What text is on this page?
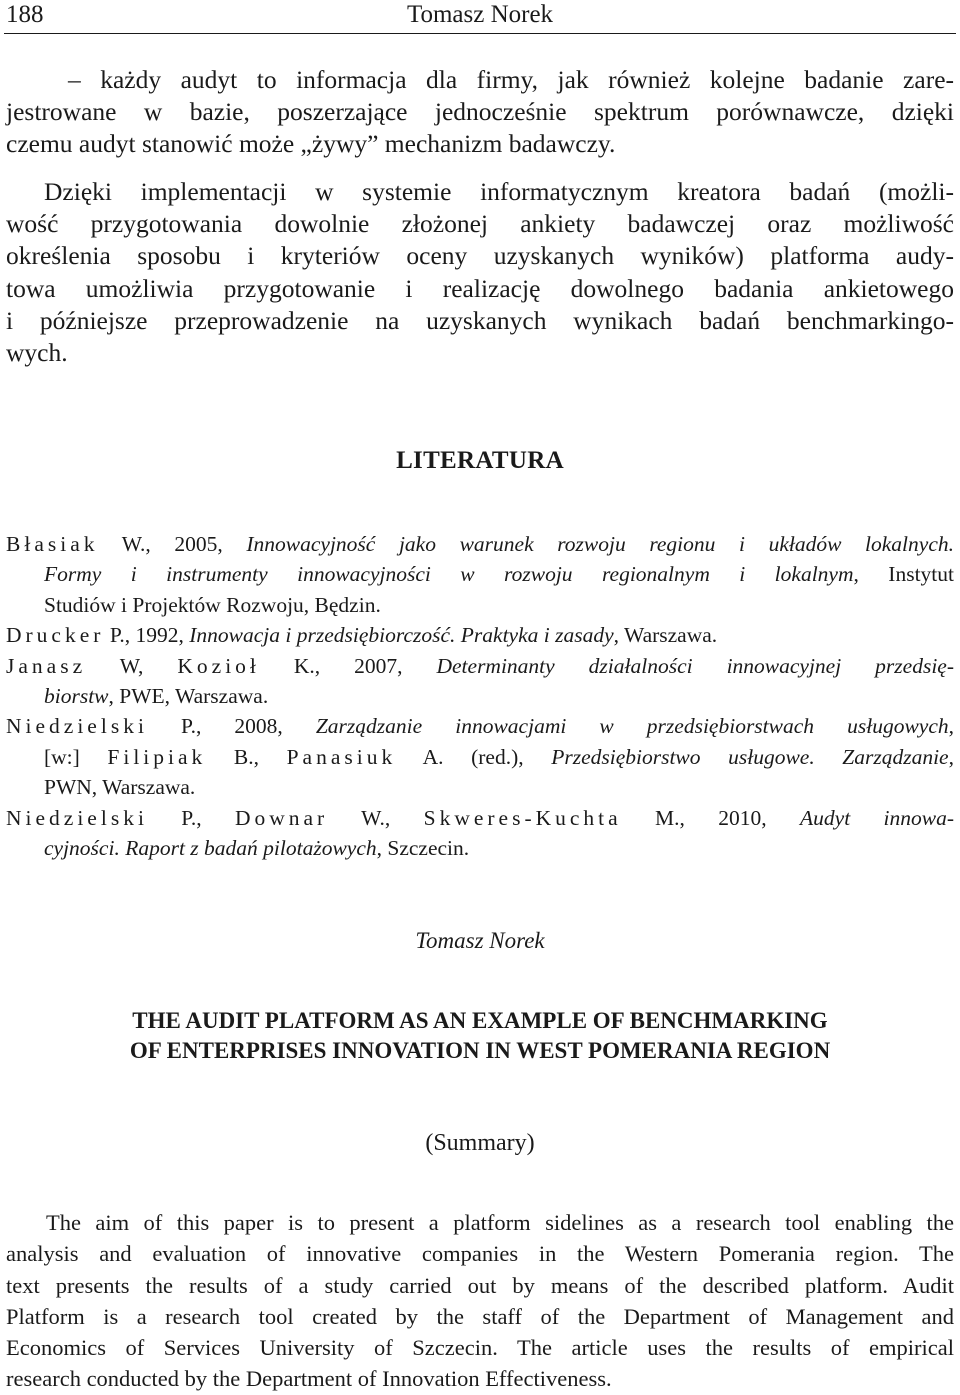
188	Tomasz Norek
– każdy audyt to informacja dla firmy, jak również kolejne badanie zare-
jestrowane w bazie, poszerzające jednocześnie spektrum porównawcze, dzięki
czemu audyt stanowić może „żywy” mechanizm badawczy.
Dzięki implementacji w systemie informatycznym kreatora badań (możli-
wość przygotowania dowolnie złożonej ankiety badawczej oraz możliwość
określenia sposobu i kryteriów oceny uzyskanych wyników) platforma audy-
towa umożliwia przygotowanie i realizację dowolnego badania ankietowego
i późniejsze przeprowadzenie na uzyskanych wynikach badań benchmarkingo-
wych.
LITERATURA
Błasiak W., 2005, Innowacyjność jako warunek rozwoju regionu i układów lokalnych.
Formy i instrumenty innowacyjności w rozwoju regionalnym i lokalnym, Instytut
Studiów i Projektów Rozwoju, Będzin.
Drucker P., 1992, Innowacja i przedsiębiorczość. Praktyka i zasady, Warszawa.
Janasz W, Kozioł K., 2007, Determinanty działalności innowacyjnej przedsię-
biorstw, PWE, Warszawa.
Niedzielski P., 2008, Zarządzanie innowacjami w przedsiębiorstwach usługowych,
[w:] Filipiak B., Panasiuk A. (red.), Przedsiębiorstwo usługowe. Zarządzanie,
PWN, Warszawa.
Niedzielski P., Downar W., Skweres-Kuchta M., 2010, Audyt innowa-
cyjności. Raport z badań pilotażowych, Szczecin.
Tomasz Norek
THE AUDIT PLATFORM AS AN EXAMPLE OF BENCHMARKING
OF ENTERPRISES INNOVATION IN WEST POMERANIA REGION
(Summary)
The aim of this paper is to present a platform sidelines as a research tool enabling the
analysis and evaluation of innovative companies in the Western Pomerania region. The
text presents the results of a study carried out by means of the described platform. Audit
Platform is a research tool created by the staff of the Department of Management and
Economics of Services University of Szczecin. The article uses the results of empirical
research conducted by the Department of Innovation Effectiveness.
